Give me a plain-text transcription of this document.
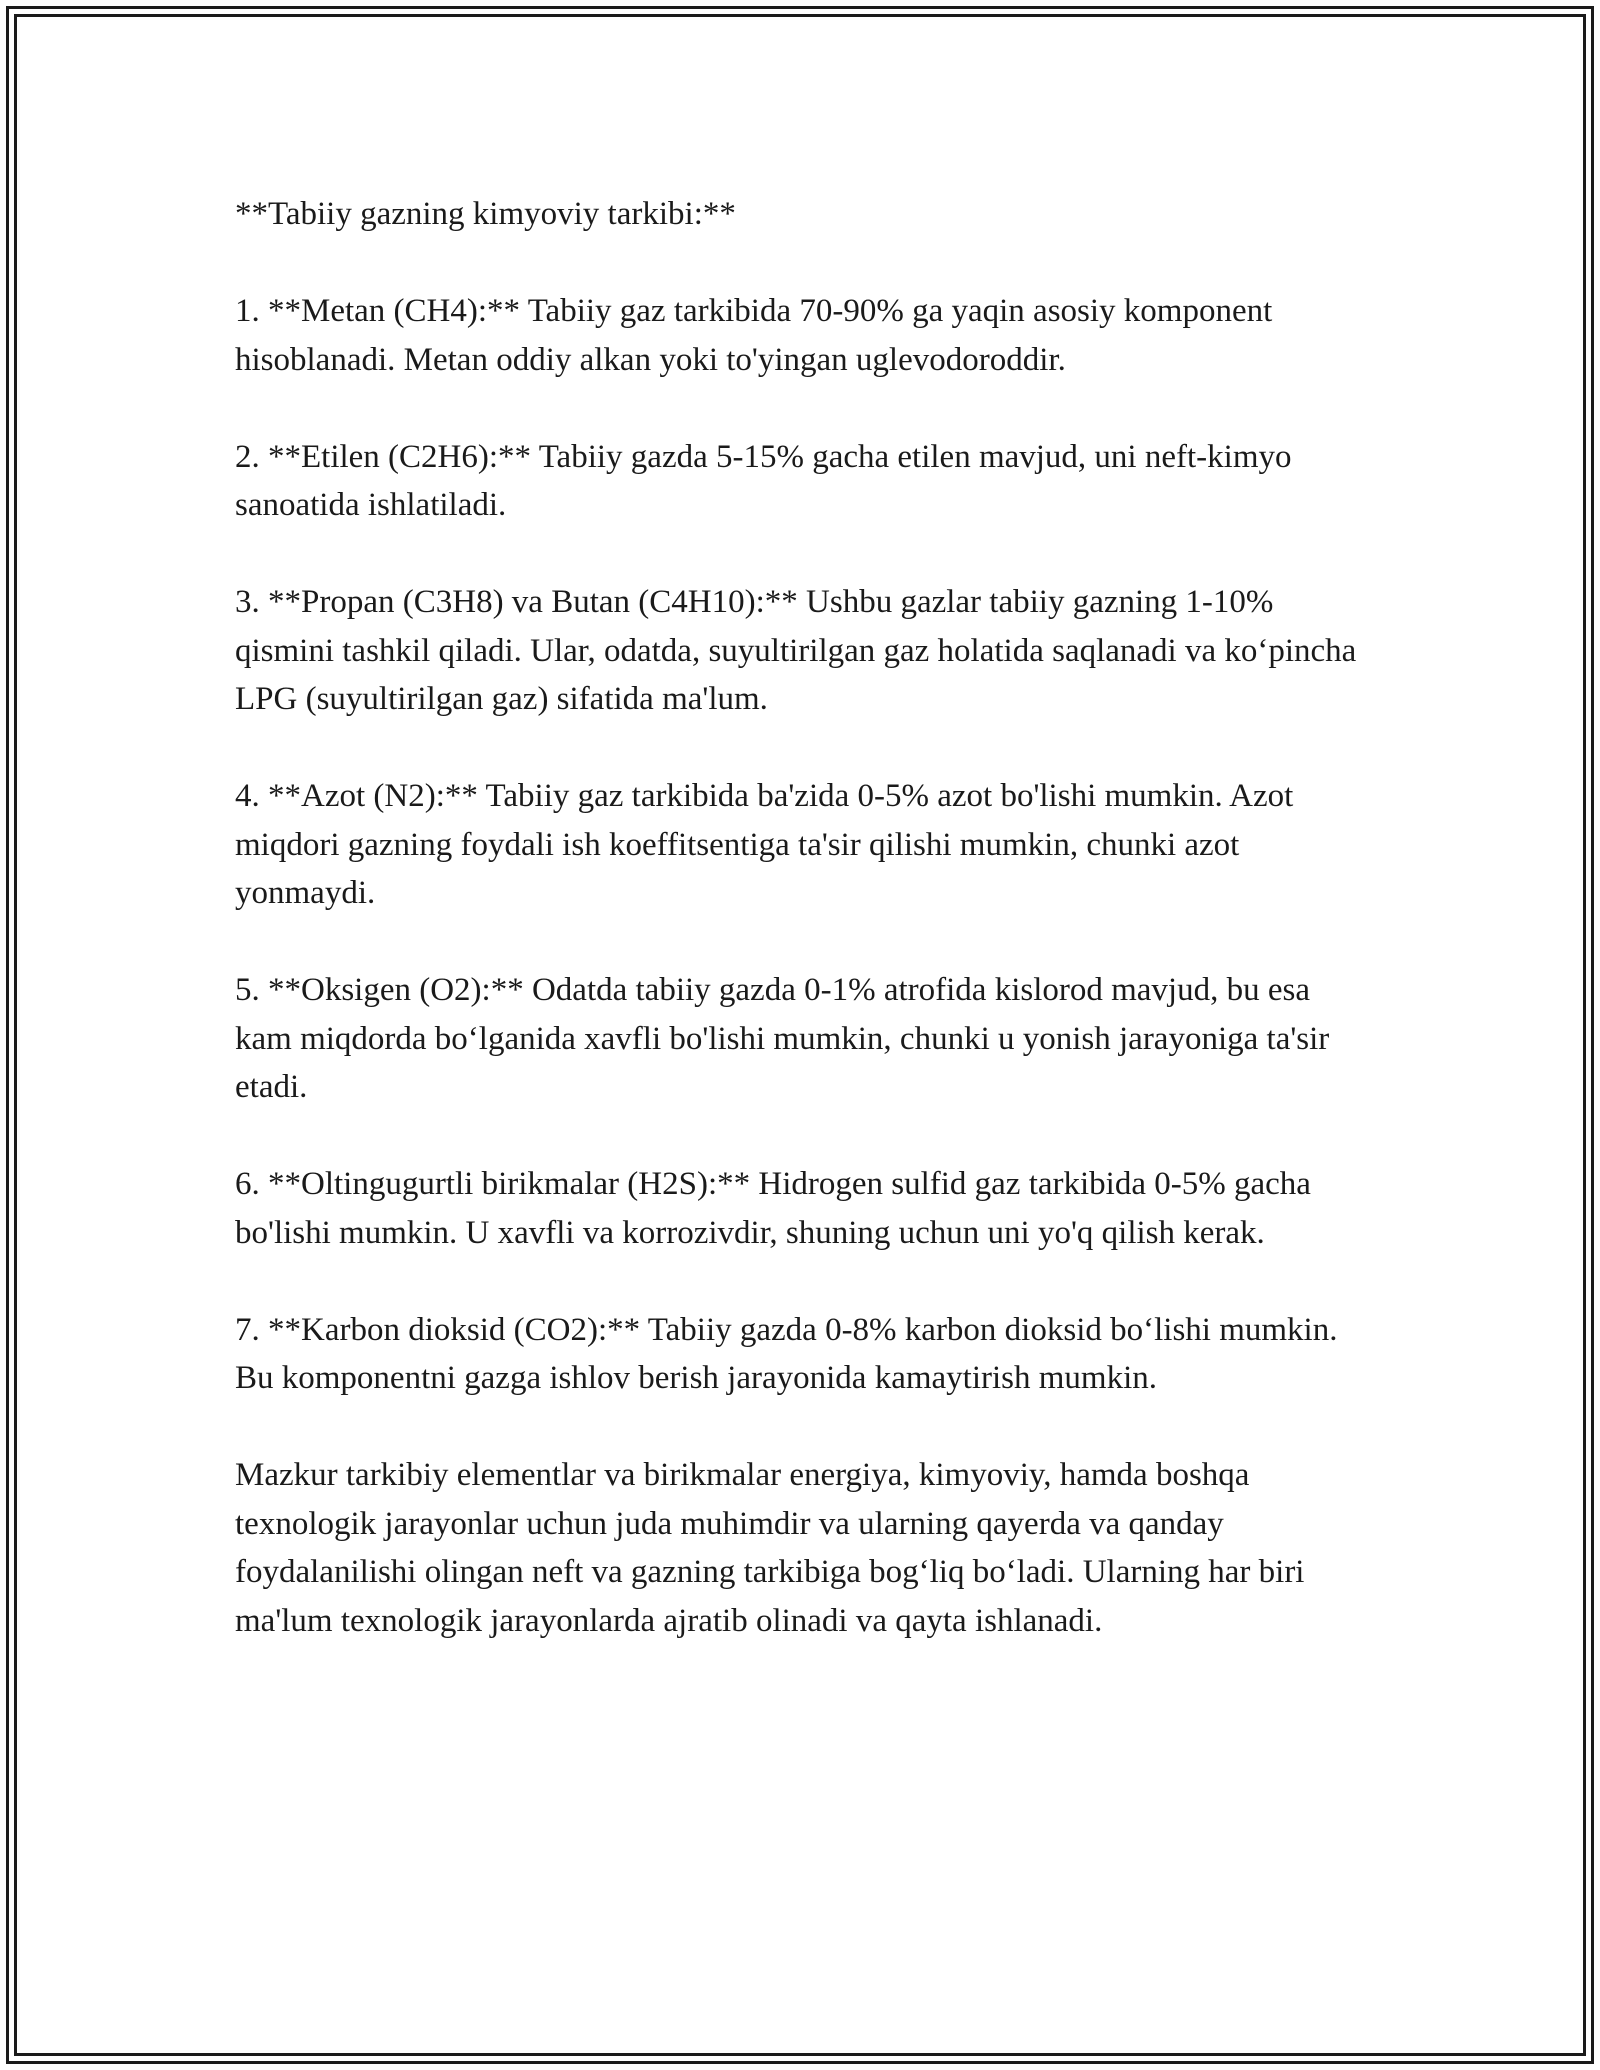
**Tabiiy gazning kimyoviy tarkibi:**

1. **Metan (CH4):** Tabiiy gaz tarkibida 70-90% ga yaqin asosiy komponent hisoblanadi. Metan oddiy alkan yoki to'yingan uglevodoroddir.

2. **Etilen (C2H6):** Tabiiy gazda 5-15% gacha etilen mavjud, uni neft-kimyo sanoatida ishlatiladi.

3. **Propan (C3H8) va Butan (C4H10):** Ushbu gazlar tabiiy gazning 1-10% qismini tashkil qiladi. Ular, odatda, suyultirilgan gaz holatida saqlanadi va ko‘pincha LPG (suyultirilgan gaz) sifatida ma'lum.

4. **Azot (N2):** Tabiiy gaz tarkibida ba'zida 0-5% azot bo'lishi mumkin. Azot miqdori gazning foydali ish koeffitsentiga ta'sir qilishi mumkin, chunki azot yonmaydi.

5. **Oksigen (O2):** Odatda tabiiy gazda 0-1% atrofida kislorod mavjud, bu esa kam miqdorda bo‘lganida xavfli bo'lishi mumkin, chunki u yonish jarayoniga ta'sir etadi.

6. **Oltingugurtli birikmalar (H2S):** Hidrogen sulfid gaz tarkibida 0-5% gacha bo'lishi mumkin. U xavfli va korrozivdir, shuning uchun uni yo'q qilish kerak.

7. **Karbon dioksid (CO2):** Tabiiy gazda 0-8% karbon dioksid bo‘lishi mumkin. Bu komponentni gazga ishlov berish jarayonida kamaytirish mumkin.

Mazkur tarkibiy elementlar va birikmalar energiya, kimyoviy, hamda boshqa texnologik jarayonlar uchun juda muhimdir va ularning qayerda va qanday foydalanilishi olingan neft va gazning tarkibiga bog‘liq bo‘ladi. Ularning har biri ma'lum texnologik jarayonlarda ajratib olinadi va qayta ishlanadi.
